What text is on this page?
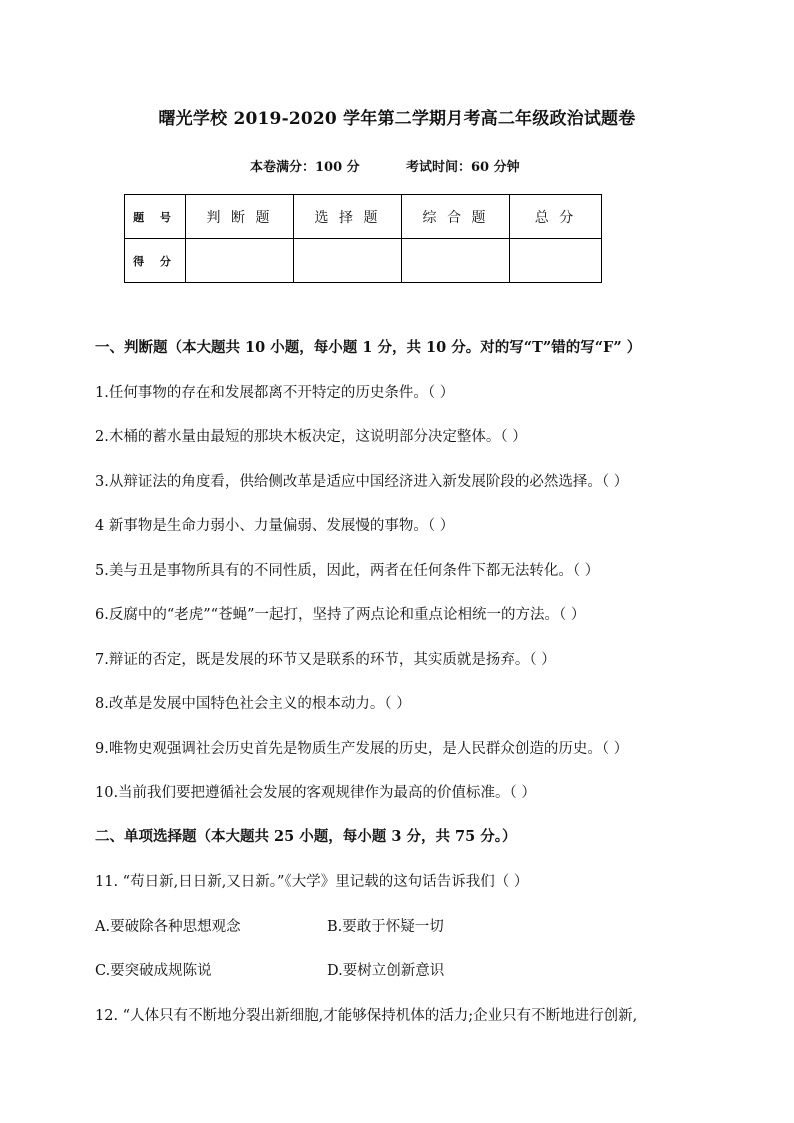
曙光学校 2019-2020 学年第二学期月考高二年级政治试题卷
本卷满分：100 分	考试时间：60 分钟
题 号	判 断 题	选 择 题	综 合 题	总 分
得 分				
一、判断题（本大题共 10 小题，每小题 1 分，共 10 分。对的写“T”错的写“F” ）
1.任何事物的存在和发展都离不开特定的历史条件。（ ）
2.木桶的蓄水量由最短的那块木板决定，这说明部分决定整体。（ ）
3.从辩证法的角度看，供给侧改革是适应中国经济进入新发展阶段的必然选择。（ ）
4 新事物是生命力弱小、力量偏弱、发展慢的事物。（ ）
5.美与丑是事物所具有的不同性质，因此，两者在任何条件下都无法转化。（ ）
6.反腐中的“老虎”“苍蝇”一起打，坚持了两点论和重点论相统一的方法。（ ）
7.辩证的否定，既是发展的环节又是联系的环节，其实质就是扬弃。（ ）
8.改革是发展中国特色社会主义的根本动力。（ ）
9.唯物史观强调社会历史首先是物质生产发展的历史，是人民群众创造的历史。（ ）
10.当前我们要把遵循社会发展的客观规律作为最高的价值标准。（ ）
二、单项选择题（本大题共 25 小题，每小题 3 分，共 75 分。）
11. “苟日新,日日新,又日新。”《大学》里记载的这句话告诉我们（ ）
A.要破除各种思想观念	B.要敢于怀疑一切
C.要突破成规陈说	D.要树立创新意识
12. “人体只有不断地分裂出新细胞,才能够保持机体的活力;企业只有不断地进行创新,
